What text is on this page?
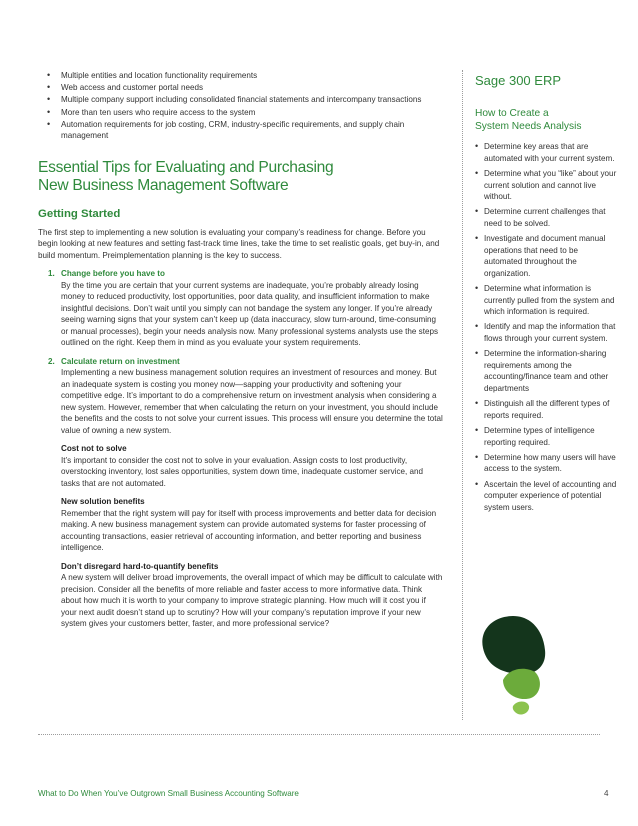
• Multiple entities and location functionality requirements
• Web access and customer portal needs
• Multiple company support including consolidated financial statements and intercompany transactions
• More than ten users who require access to the system
• Automation requirements for job costing, CRM, industry-specific requirements, and supply chain management
Essential Tips for Evaluating and Purchasing
New Business Management Software
Getting Started
The first step to implementing a new solution is evaluating your company’s readiness for change. Before you begin looking at new features and setting fast-track time lines, take the time to set realistic goals, get buy-in, and build momentum. Preimplementation planning is the key to success.
1. Change before you have to
By the time you are certain that your current systems are inadequate, you’re probably already losing money to reduced productivity, lost opportunities, poor data quality, and insufficient information to make insightful decisions. Don’t wait until you simply can not bandage the system any longer. If you’re already seeing warning signs that your system can’t keep up (data inaccuracy, slow turn-around, time-consuming or manual processes), begin your needs analysis now. Many professional systems analysts use the steps outlined on the right. Keep them in mind as you evaluate your system requirements.
2. Calculate return on investment
Implementing a new business management solution requires an investment of resources and money. But an inadequate system is costing you money now—sapping your productivity and softening your competitive edge. It’s important to do a comprehensive return on investment analysis when considering a new system. However, remember that when calculating the return on your investment, you should include the benefits and the costs to not solve your current issues. This process will ensure you determine the total value of owning a new system.
Cost not to solve
It’s important to consider the cost not to solve in your evaluation. Assign costs to lost productivity, overstocking inventory, lost sales opportunities, system down time, inadequate customer service, and tasks that are not automated.
New solution benefits
Remember that the right system will pay for itself with process improvements and better data for decision making. A new business management system can provide automated systems for faster processing of accounting transactions, easier retrieval of accounting information, and better reporting and business intelligence.
Don’t disregard hard-to-quantify benefits
A new system will deliver broad improvements, the overall impact of which may be difficult to calculate with precision. Consider all the benefits of more reliable and faster access to more informative data. Think about how much it is worth to your company to improve strategic planning. How much will it cost you if your next audit doesn’t stand up to scrutiny? How will your company’s reputation improve if your new system gives your customers better, faster, and more professional service?
Sage 300 ERP
How to Create a
System Needs Analysis
• Determine key areas that are automated with your current system.
• Determine what you “like” about your current solution and cannot live without.
• Determine current challenges that need to be solved.
• Investigate and document manual operations that need to be automated throughout the organization.
• Determine what information is currently pulled from the system and which information is required.
• Identify and map the information that flows through your current system.
• Determine the information-sharing requirements among the accounting/finance team and other departments
• Distinguish all the different types of reports required.
• Determine types of intelligence reporting required.
• Determine how many users will have access to the system.
• Ascertain the level of accounting and computer experience of potential system users.
What to Do When You’ve Outgrown Small Business Accounting Software	4
